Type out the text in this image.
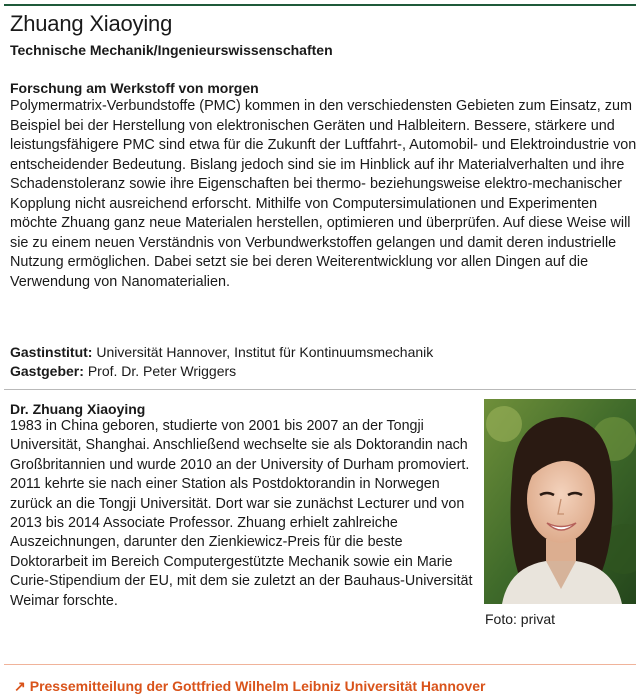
Zhuang Xiaoying
Technische Mechanik/Ingenieurswissenschaften
Forschung am Werkstoff von morgen

Polymermatrix-Verbundstoffe (PMC) kommen in den verschiedensten Gebieten zum Einsatz, zum Beispiel bei der Herstellung von elektronischen Geräten und Halbleitern. Bessere, stärkere und leistungsfähigere PMC sind etwa für die Zukunft der Luftfahrt-, Automobil- und Elektroindustrie von entscheidender Bedeutung. Bislang jedoch sind sie im Hinblick auf ihr Materialverhalten und ihre Schadenstoleranz sowie ihre Eigenschaften bei thermo- beziehungsweise elektro-mechanischer Kopplung nicht ausreichend erforscht. Mithilfe von Computersimulationen und Experimenten möchte Zhuang ganz neue Materialen herstellen, optimieren und überprüfen. Auf diese Weise will sie zu einem neuen Verständnis von Verbundwerkstoffen gelangen und damit deren industrielle Nutzung ermöglichen. Dabei setzt sie bei deren Weiterentwicklung vor allen Dingen auf die Verwendung von Nanomaterialien.

Gastinstitut: Universität Hannover, Institut für Kontinuumsmechanik
Gastgeber: Prof. Dr. Peter Wriggers
Dr. Zhuang Xiaoying

1983 in China geboren, studierte von 2001 bis 2007 an der Tongji Universität, Shanghai. Anschließend wechselte sie als Doktorandin nach Großbritannien und wurde 2010 an der University of Durham promoviert. 2011 kehrte sie nach einer Station als Postdoktorandin in Norwegen zurück an die Tongji Universität. Dort war sie zunächst Lecturer und von 2013 bis 2014 Associate Professor. Zhuang erhielt zahlreiche Auszeichnungen, darunter den Zienkiewicz-Preis für die beste Doktorarbeit im Bereich Computergestützte Mechanik sowie ein Marie Curie-Stipendium der EU, mit dem sie zuletzt an der Bauhaus-Universität Weimar forschte.

Foto: privat
↗ Pressemitteilung der Gottfried Wilhelm Leibniz Universität Hannover
